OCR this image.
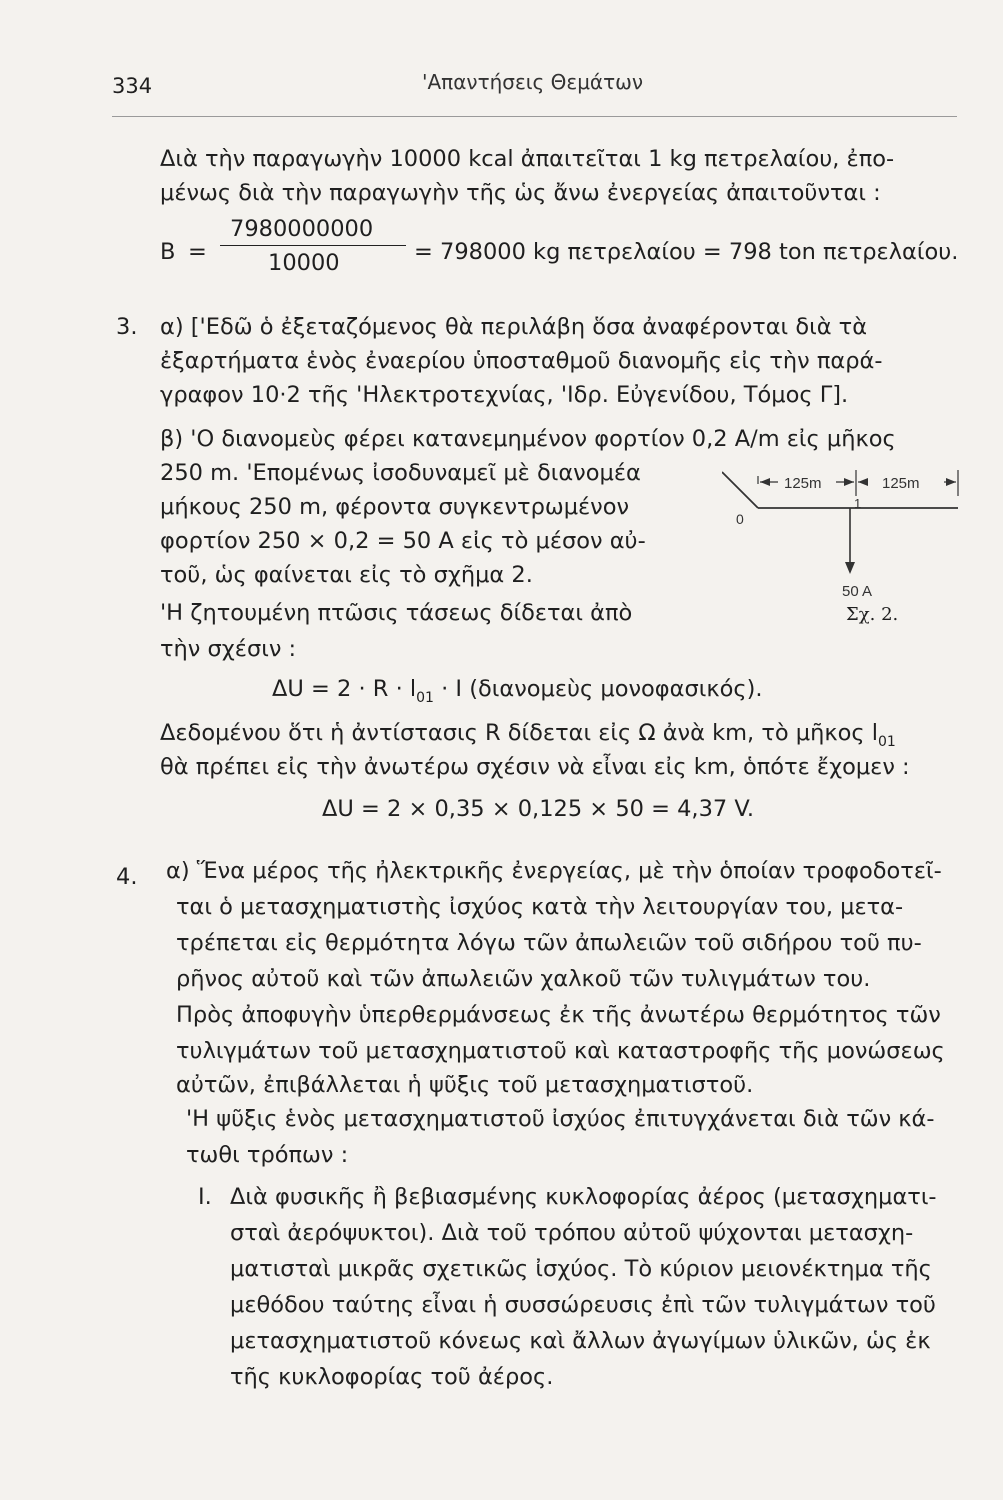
334	'Απαντήσεις Θεμάτων
Διὰ τὴν παραγωγὴν 10000 kcal ἀπαιτεῖται 1 kg πετρελαίου, ἐπο-
μένως διὰ τὴν παραγωγὴν τῆς ὡς ἄνω ἐνεργείας ἀπαιτοῦνται :
B =
7980000000
10000	= 798000 kg πετρελαίου = 798 ton πετρελαίου.
3. α) ['Εδῶ ὁ ἐξεταζόμενος θὰ περιλάβη ὅσα ἀναφέρονται διὰ τὰ
ἐξαρτήματα ἑνὸς ἐναερίου ὑποσταθμοῦ διανομῆς εἰς τὴν παρά-
γραφον 10·2 τῆς 'Ηλεκτροτεχνίας, 'Ιδρ. Εὐγενίδου, Τόμος Γ].
β) 'Ο διανομεὺς φέρει κατανεμημένον φορτίον 0,2 A/m εἰς μῆκος
250 m. 'Επομένως ἰσοδυναμεῖ μὲ διανομέα
μήκους 250 m, φέροντα συγκεντρωμένον
φορτίον 250 × 0,2 = 50 A εἰς τὸ μέσον αὐ-
τοῦ, ὡς φαίνεται εἰς τὸ σχῆμα 2.
'Η ζητουμένη πτῶσις τάσεως δίδεται ἀπὸ
τὴν σχέσιν :
125m	125m
0
1
50 A
Σχ. 2.
$\Delta U = 2 \cdot R \cdot l_{01} \cdot I$ (διανομεὺς μονοφασικός).
Δεδομένου ὅτι ἡ ἀντίστασις R δίδεται εἰς Ω ἀνὰ km, τὸ μῆκος $l_{01}$
θὰ πρέπει εἰς τὴν ἀνωτέρω σχέσιν νὰ εἶναι εἰς km, ὁπότε ἔχομεν :
ΔU = 2 × 0,35 × 0,125 × 50 = 4,37 V.
4. α) Ἕνα μέρος τῆς ἠλεκτρικῆς ἐνεργείας, μὲ τὴν ὁποίαν τροφοδοτεῖ-
ται ὁ μετασχηματιστὴς ἰσχύος κατὰ τὴν λειτουργίαν του, μετα-
τρέπεται εἰς θερμότητα λόγω τῶν ἀπωλειῶν τοῦ σιδήρου τοῦ πυ-
ρῆνος αὐτοῦ καὶ τῶν ἀπωλειῶν χαλκοῦ τῶν τυλιγμάτων του.
Πρὸς ἀποφυγὴν ὑπερθερμάνσεως ἐκ τῆς ἀνωτέρω θερμότητος τῶν
τυλιγμάτων τοῦ μετασχηματιστοῦ καὶ καταστροφῆς τῆς μονώσεως
αὐτῶν, ἐπιβάλλεται ἡ ψῦξις τοῦ μετασχηματιστοῦ.
'Η ψῦξις ἑνὸς μετασχηματιστοῦ ἰσχύος ἐπιτυγχάνεται διὰ τῶν κά-
τωθι τρόπων :
I. Διὰ φυσικῆς ἢ βεβιασμένης κυκλοφορίας ἀέρος (μετασχηματι-
σταὶ ἀερόψυκτοι). Διὰ τοῦ τρόπου αὐτοῦ ψύχονται μετασχη-
ματισταὶ μικρᾶς σχετικῶς ἰσχύος. Τὸ κύριον μειονέκτημα τῆς
μεθόδου ταύτης εἶναι ἡ συσσώρευσις ἐπὶ τῶν τυλιγμάτων τοῦ
μετασχηματιστοῦ κόνεως καὶ ἄλλων ἀγωγίμων ὑλικῶν, ὡς ἐκ
τῆς κυκλοφορίας τοῦ ἀέρος.
